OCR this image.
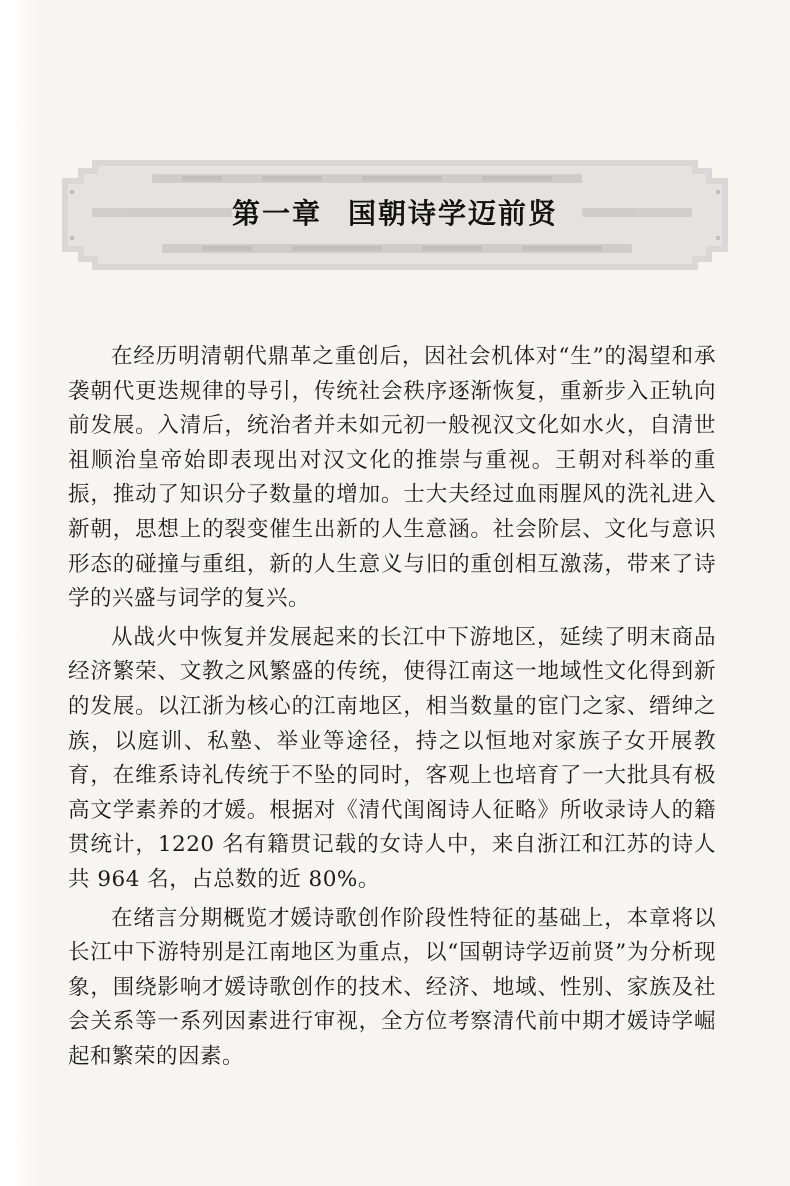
第一章 国朝诗学迈前贤

在经历明清朝代鼎革之重创后，因社会机体对“生”的渴望和承袭朝代更迭规律的导引，传统社会秩序逐渐恢复，重新步入正轨向前发展。入清后，统治者并未如元初一般视汉文化如水火，自清世祖顺治皇帝始即表现出对汉文化的推崇与重视。王朝对科举的重振，推动了知识分子数量的增加。士大夫经过血雨腥风的洗礼进入新朝，思想上的裂变催生出新的人生意涵。社会阶层、文化与意识形态的碰撞与重组，新的人生意义与旧的重创相互激荡，带来了诗学的兴盛与词学的复兴。

从战火中恢复并发展起来的长江中下游地区，延续了明末商品经济繁荣、文教之风繁盛的传统，使得江南这一地域性文化得到新的发展。以江浙为核心的江南地区，相当数量的宦门之家、缙绅之族，以庭训、私塾、举业等途径，持之以恒地对家族子女开展教育，在维系诗礼传统于不坠的同时，客观上也培育了一大批具有极高文学素养的才媛。根据对《清代闺阁诗人征略》所收录诗人的籍贯统计，1220 名有籍贯记载的女诗人中，来自浙江和江苏的诗人共 964 名，占总数的近 80%。

在绪言分期概览才媛诗歌创作阶段性特征的基础上，本章将以长江中下游特别是江南地区为重点，以“国朝诗学迈前贤”为分析现象，围绕影响才媛诗歌创作的技术、经济、地域、性别、家族及社会关系等一系列因素进行审视，全方位考察清代前中期才媛诗学崛起和繁荣的因素。
